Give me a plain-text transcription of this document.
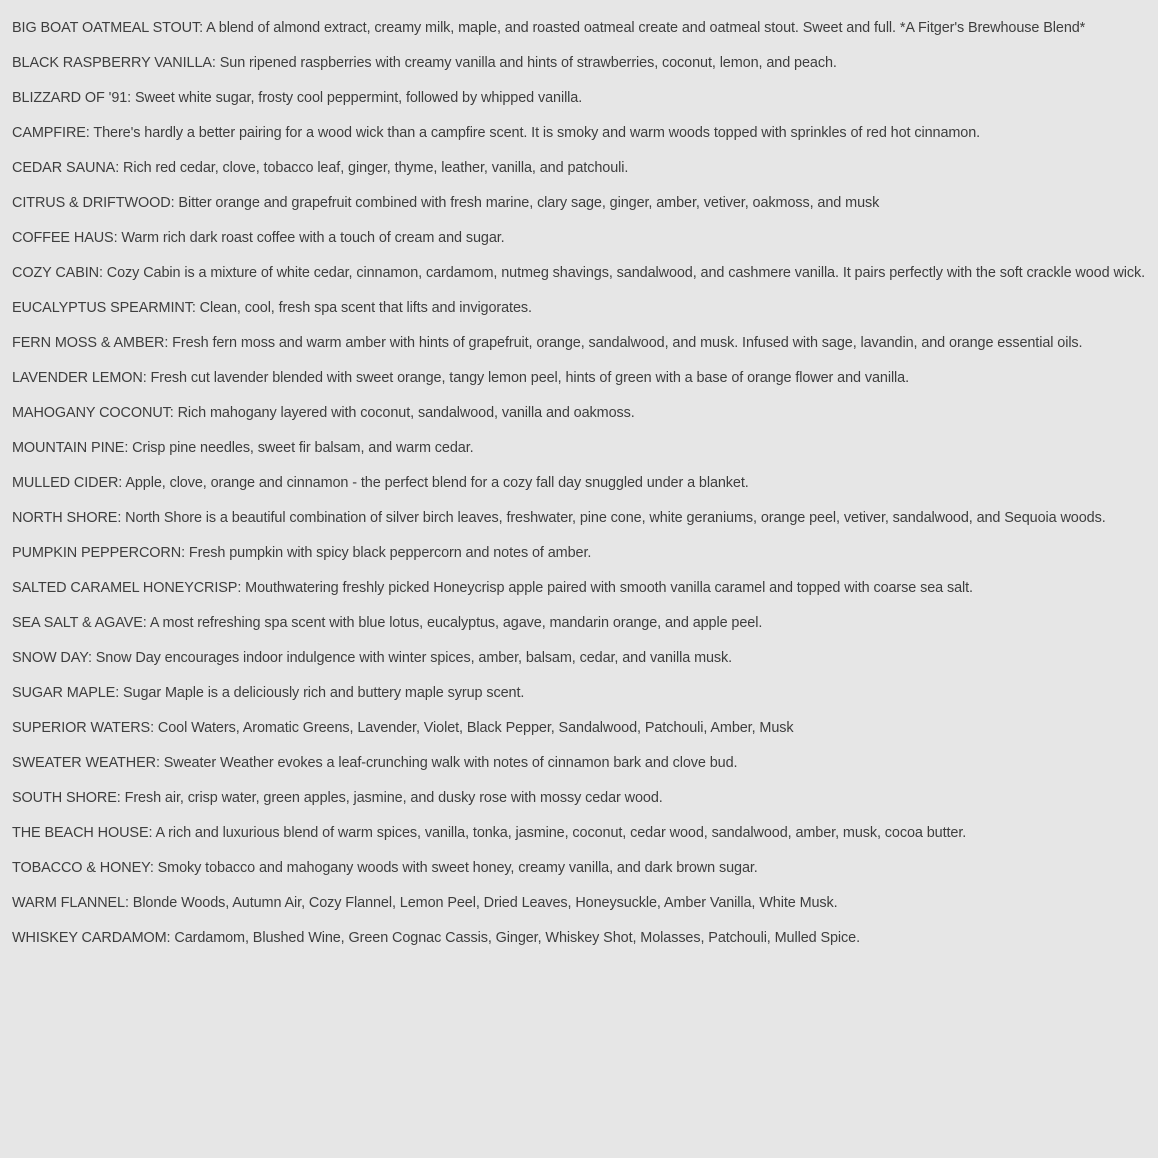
BIG BOAT OATMEAL STOUT: A blend of almond extract, creamy milk, maple, and roasted oatmeal create and oatmeal stout. Sweet and full. *A Fitger's Brewhouse Blend*
BLACK RASPBERRY VANILLA: Sun ripened raspberries with creamy vanilla and hints of strawberries, coconut, lemon, and peach.
BLIZZARD OF '91: Sweet white sugar, frosty cool peppermint, followed by whipped vanilla.
CAMPFIRE: There's hardly a better pairing for a wood wick than a campfire scent. It is smoky and warm woods topped with sprinkles of red hot cinnamon.
CEDAR SAUNA: Rich red cedar, clove, tobacco leaf, ginger, thyme, leather, vanilla, and patchouli.
CITRUS & DRIFTWOOD: Bitter orange and grapefruit combined with fresh marine, clary sage, ginger, amber, vetiver, oakmoss, and musk
COFFEE HAUS: Warm rich dark roast coffee with a touch of cream and sugar.
COZY CABIN: Cozy Cabin is a mixture of white cedar, cinnamon, cardamom, nutmeg shavings, sandalwood, and cashmere vanilla. It pairs perfectly with the soft crackle wood wick.
EUCALYPTUS SPEARMINT: Clean, cool, fresh spa scent that lifts and invigorates.
FERN MOSS & AMBER: Fresh fern moss and warm amber with hints of grapefruit, orange, sandalwood, and musk. Infused with sage, lavandin, and orange essential oils.
LAVENDER LEMON: Fresh cut lavender blended with sweet orange, tangy lemon peel, hints of green with a base of orange flower and vanilla.
MAHOGANY COCONUT: Rich mahogany layered with coconut, sandalwood, vanilla and oakmoss.
MOUNTAIN PINE: Crisp pine needles, sweet fir balsam, and warm cedar.
MULLED CIDER: Apple, clove, orange and cinnamon - the perfect blend for a cozy fall day snuggled under a blanket.
NORTH SHORE: North Shore is a beautiful combination of silver birch leaves, freshwater, pine cone, white geraniums, orange peel, vetiver, sandalwood, and Sequoia woods.
PUMPKIN PEPPERCORN: Fresh pumpkin with spicy black peppercorn and notes of amber.
SALTED CARAMEL HONEYCRISP: Mouthwatering freshly picked Honeycrisp apple paired with smooth vanilla caramel and topped with coarse sea salt.
SEA SALT & AGAVE: A most refreshing spa scent with blue lotus, eucalyptus, agave, mandarin orange, and apple peel.
SNOW DAY: Snow Day encourages indoor indulgence with winter spices, amber, balsam, cedar, and vanilla musk.
SUGAR MAPLE: Sugar Maple is a deliciously rich and buttery maple syrup scent.
SUPERIOR WATERS: Cool Waters, Aromatic Greens, Lavender, Violet, Black Pepper, Sandalwood, Patchouli, Amber, Musk
SWEATER WEATHER: Sweater Weather evokes a leaf-crunching walk with notes of cinnamon bark and clove bud.
SOUTH SHORE: Fresh air, crisp water, green apples, jasmine, and dusky rose with mossy cedar wood.
THE BEACH HOUSE: A rich and luxurious blend of warm spices, vanilla, tonka, jasmine, coconut, cedar wood, sandalwood, amber, musk, cocoa butter.
TOBACCO & HONEY: Smoky tobacco and mahogany woods with sweet honey, creamy vanilla, and dark brown sugar.
WARM FLANNEL: Blonde Woods, Autumn Air, Cozy Flannel, Lemon Peel, Dried Leaves, Honeysuckle, Amber Vanilla, White Musk.
WHISKEY CARDAMOM: Cardamom, Blushed Wine, Green Cognac Cassis, Ginger, Whiskey Shot, Molasses, Patchouli, Mulled Spice.
